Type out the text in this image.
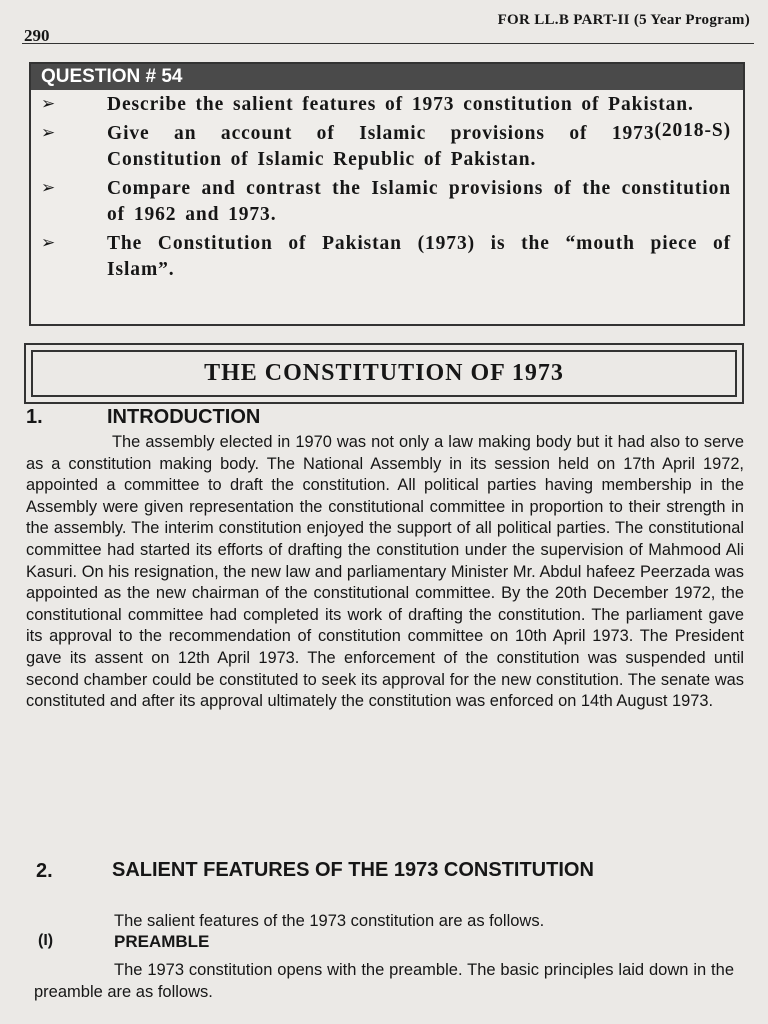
290
FOR LL.B PART-II (5 Year Program)
QUESTION # 54
➢	Describe the salient features of 1973 constitution of Pakistan.
(2018-S)
➢	Give an account of Islamic provisions of 1973 Constitution of Islamic Republic of Pakistan.
➢	Compare and contrast the Islamic provisions of the constitution of 1962 and 1973.
➢	The Constitution of Pakistan (1973) is the “mouth piece of Islam”.
THE CONSTITUTION OF 1973
1.	INTRODUCTION

The assembly elected in 1970 was not only a law making body but it had also to serve as a constitution making body. The National Assembly in its session held on 17th April 1972, appointed a committee to draft the constitution. All political parties having membership in the Assembly were given representation the constitutional committee in proportion to their strength in the assembly. The interim constitution enjoyed the support of all political parties. The constitutional committee had started its efforts of drafting the constitution under the supervision of Mahmood Ali Kasuri. On his resignation, the new law and parliamentary Minister Mr. Abdul hafeez Peerzada was appointed as the new chairman of the constitutional committee. By the 20th December 1972, the constitutional committee had completed its work of drafting the constitution. The parliament gave its approval to the recommendation of constitution committee on 10th April 1973. The President gave its assent on 12th April 1973. The enforcement of the constitution was suspended until second chamber could be constituted to seek its approval for the new constitution. The senate was constituted and after its approval ultimately the constitution was enforced on 14th August 1973.

2.	SALIENT FEATURES OF THE 1973 CONSTITUTION
The salient features of the 1973 constitution are as follows.
(I)	PREAMBLE

The 1973 constitution opens with the preamble. The basic principles laid down in the preamble are as follows.
